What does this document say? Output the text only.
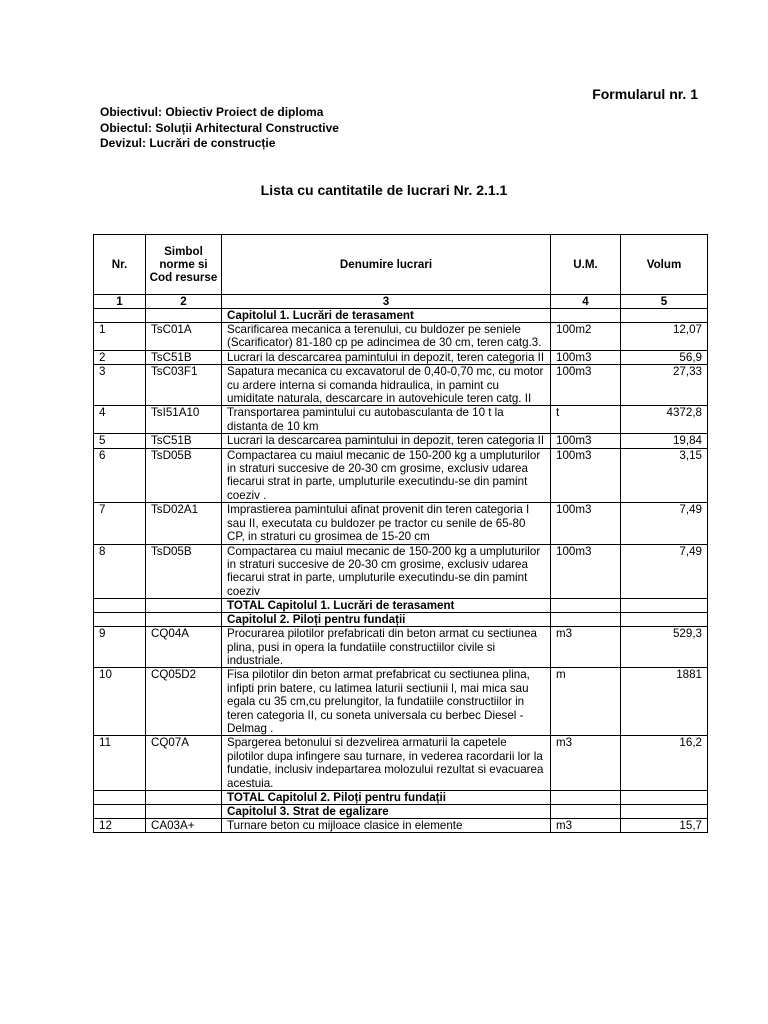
Formularul nr. 1
Obiectivul: Obiectiv Proiect de diploma
Obiectul: Soluții Arhitectural Constructive
Devizul: Lucrări de construcție
Lista cu cantitatile de lucrari Nr. 2.1.1
Nr.	Simbol norme si Cod resurse	Denumire lucrari	U.M.	Volum
1	2	3	4	5
		Capitolul 1. Lucrări de terasament		
1	TsC01A	Scarificarea mecanica a terenului, cu buldozer pe seniele (Scarificator) 81-180 cp pe adincimea de 30 cm, teren catg.3.	100m2	12,07
2	TsC51B	Lucrari la descarcarea pamintului in depozit, teren categoria II	100m3	56,9
3	TsC03F1	Sapatura mecanica cu excavatorul de 0,40-0,70 mc, cu motor cu ardere interna si comanda hidraulica, in pamint cu umiditate naturala, descarcare in autovehicule teren catg. II	100m3	27,33
4	TsI51A10	Transportarea pamintului cu autobasculanta de 10 t la distanta de 10 km	t	4372,8
5	TsC51B	Lucrari la descarcarea pamintului in depozit, teren categoria II	100m3	19,84
6	TsD05B	Compactarea cu maiul mecanic de 150-200 kg a umpluturilor in straturi succesive de 20-30 cm grosime, exclusiv udarea fiecarui strat in parte, umpluturile executindu-se din pamint coeziv .	100m3	3,15
7	TsD02A1	Imprastierea pamintului afinat provenit din teren categoria I sau II, executata cu buldozer pe tractor cu senile de 65-80 CP, in straturi cu grosimea de 15-20 cm	100m3	7,49
8	TsD05B	Compactarea cu maiul mecanic de 150-200 kg a umpluturilor in straturi succesive de 20-30 cm grosime, exclusiv udarea fiecarui strat in parte, umpluturile executindu-se din pamint coeziv	100m3	7,49
		TOTAL Capitolul 1. Lucrări de terasament		
		Capitolul 2. Piloți pentru fundații		
9	CQ04A	Procurarea pilotilor prefabricati din beton armat cu sectiunea plina, pusi in opera la fundatiile constructiilor civile si industriale.	m3	529,3
10	CQ05D2	Fisa pilotilor din beton armat prefabricat cu sectiunea plina, infipti prin batere, cu latimea laturii sectiunii l, mai mica sau egala cu 35 cm,cu prelungitor, la fundatiile constructiilor in teren categoria II, cu soneta universala cu berbec Diesel - Delmag .	m	1881
11	CQ07A	Spargerea betonului si dezvelirea armaturii la capetele pilotilor dupa infingere sau turnare, in vederea racordarii lor la fundatie, inclusiv indepartarea molozului rezultat si evacuarea acestuia.	m3	16,2
		TOTAL Capitolul 2. Piloți pentru fundații		
		Capitolul 3. Strat de egalizare		
12	CA03A+	Turnare beton cu mijloace clasice in elemente	m3	15,7
